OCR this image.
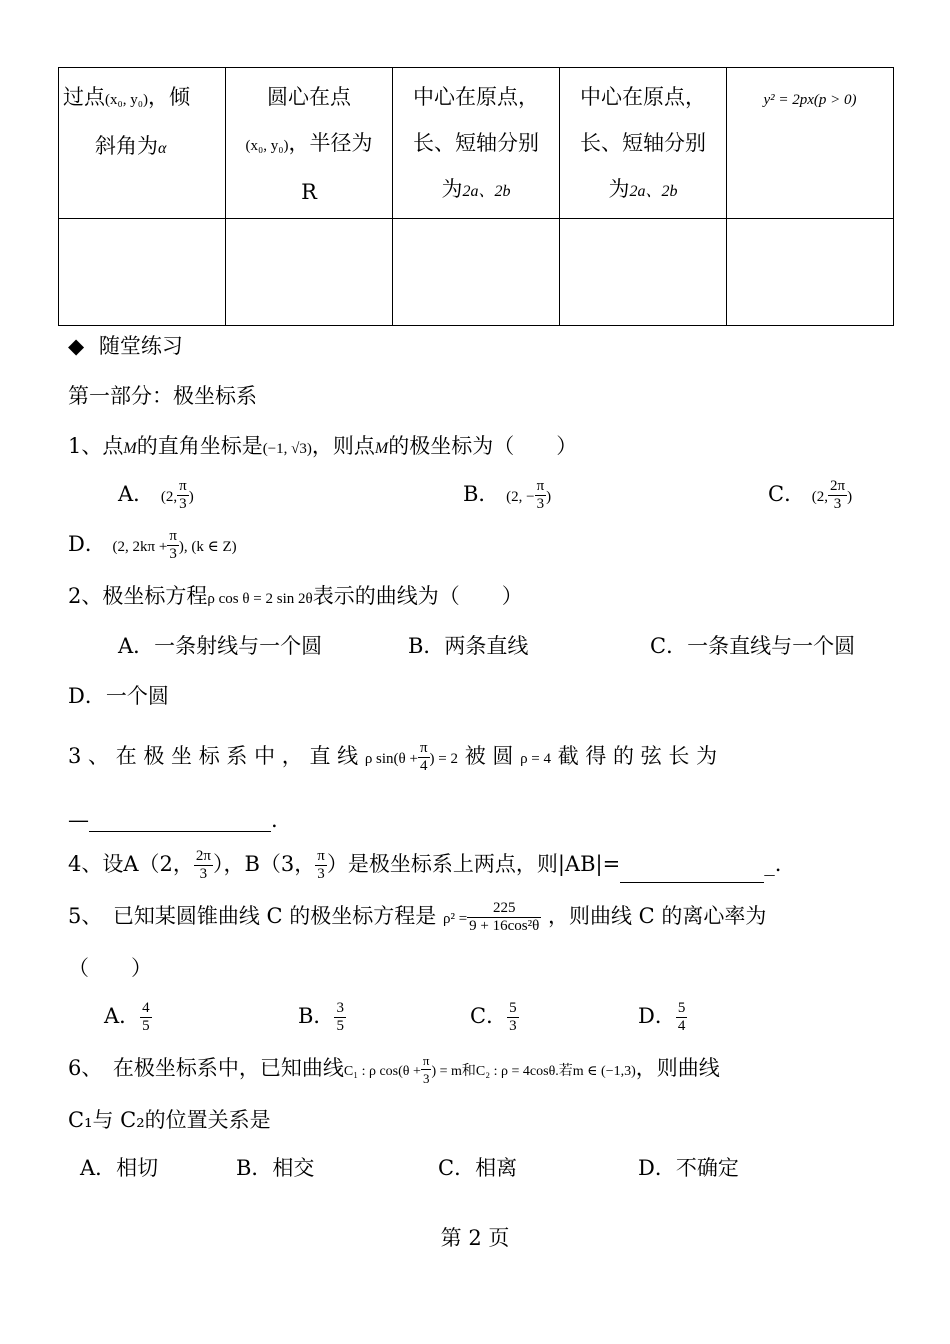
过点(x₀, y₀)，倾
斜角为α	圆心在点
(x₀, y₀)，半径为
R	中心在原点，
长、短轴分别
为2a、2b	中心在原点，
长、短轴分别
为2a、2b	y² = 2px(p > 0)

◆ 随堂练习
第一部分：极坐标系
1、点M的直角坐标是(−1, √3)，则点M的极坐标为（　　）
A． (2, $\frac{\pi}{3}$ )	B． (2, − $\frac{\pi}{3}$ )	C． (2, $\frac{2\pi}{3}$ )
D． (2, $2k\pi + \frac{\pi}{3}$ ), (k ∈ Z)
2、极坐标方程ρ cos θ = 2 sin 2θ表示的曲线为（　　）
A．一条射线与一个圆	B．两条直线	C．一条直线与一个圆
D．一个圆
3 、 在 极 坐 标 系 中 ， 直 线 ρ $\sin(\theta + \frac{\pi}{4}$ ) = 2 被 圆 ρ = 4 截 得 的 弦 长 为
—	.
4、设A（2， $\frac{2\pi}{3}$ ），B（3， $\frac{\pi}{3}$ ）是极坐标系上两点，则|AB|=	_.
5、　已知某圆锥曲线 C 的极坐标方程是 $\rho^2 = \frac{225}{\text{9 + 16cos²θ}}$ ，则曲线 C 的离心率为
（　　）
A． $\frac{4}{5}$	B． $\frac{3}{5}$	C． $\frac{5}{3}$	D． $\frac{5}{4}$
6、　在极坐标系中，已知曲线C₁ : ρ $\cos(\theta + \frac{\pi}{3}$ ) = m和C₂ : ρ = 4cosθ.若m ∈ (−1,3)，则曲线
C₁与 C₂的位置关系是
A．相切	B．相交	C．相离	D．不确定
第 2 页
